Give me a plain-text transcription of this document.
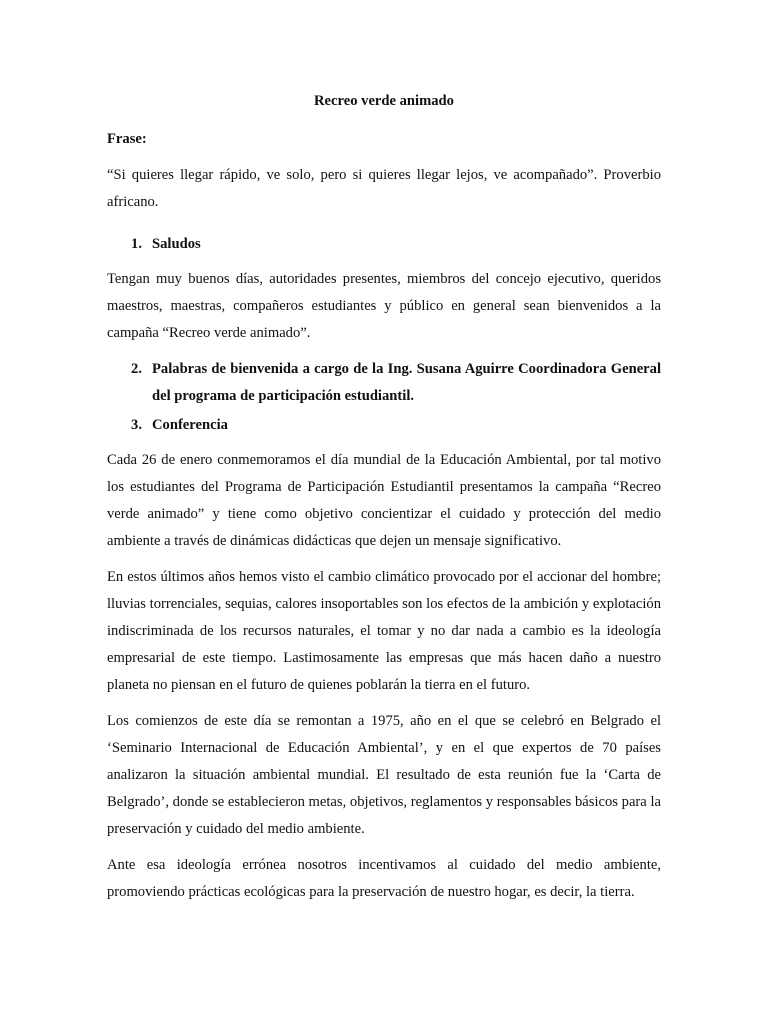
Recreo verde animado
Frase:
“Si quieres llegar rápido, ve solo, pero si quieres llegar lejos, ve acompañado”. Proverbio africano.
1. Saludos
Tengan muy buenos días, autoridades presentes, miembros del concejo ejecutivo, queridos maestros, maestras, compañeros estudiantes y público en general sean bienvenidos a la campaña “Recreo verde animado”.
2. Palabras de bienvenida a cargo de la Ing. Susana Aguirre Coordinadora General del programa de participación estudiantil.
3. Conferencia
Cada 26 de enero conmemoramos el día mundial de la Educación Ambiental, por tal motivo los estudiantes del Programa de Participación Estudiantil presentamos la campaña “Recreo verde animado” y tiene como objetivo concientizar el cuidado y protección del medio ambiente a través de dinámicas didácticas que dejen un mensaje significativo.
En estos últimos años hemos visto el cambio climático provocado por el accionar del hombre; lluvias torrenciales, sequias, calores insoportables son los efectos de la ambición y explotación indiscriminada de los recursos naturales, el tomar y no dar nada a cambio es la ideología empresarial de este tiempo. Lastimosamente las empresas que más hacen daño a nuestro planeta no piensan en el futuro de quienes poblarán la tierra en el futuro.
Los comienzos de este día se remontan a 1975, año en el que se celebró en Belgrado el ‘Seminario Internacional de Educación Ambiental’, y en el que expertos de 70 países analizaron la situación ambiental mundial. El resultado de esta reunión fue la ‘Carta de Belgrado’, donde se establecieron metas, objetivos, reglamentos y responsables básicos para la preservación y cuidado del medio ambiente.
Ante esa ideología errónea nosotros incentivamos al cuidado del medio ambiente, promoviendo prácticas ecológicas para la preservación de nuestro hogar, es decir, la tierra.
